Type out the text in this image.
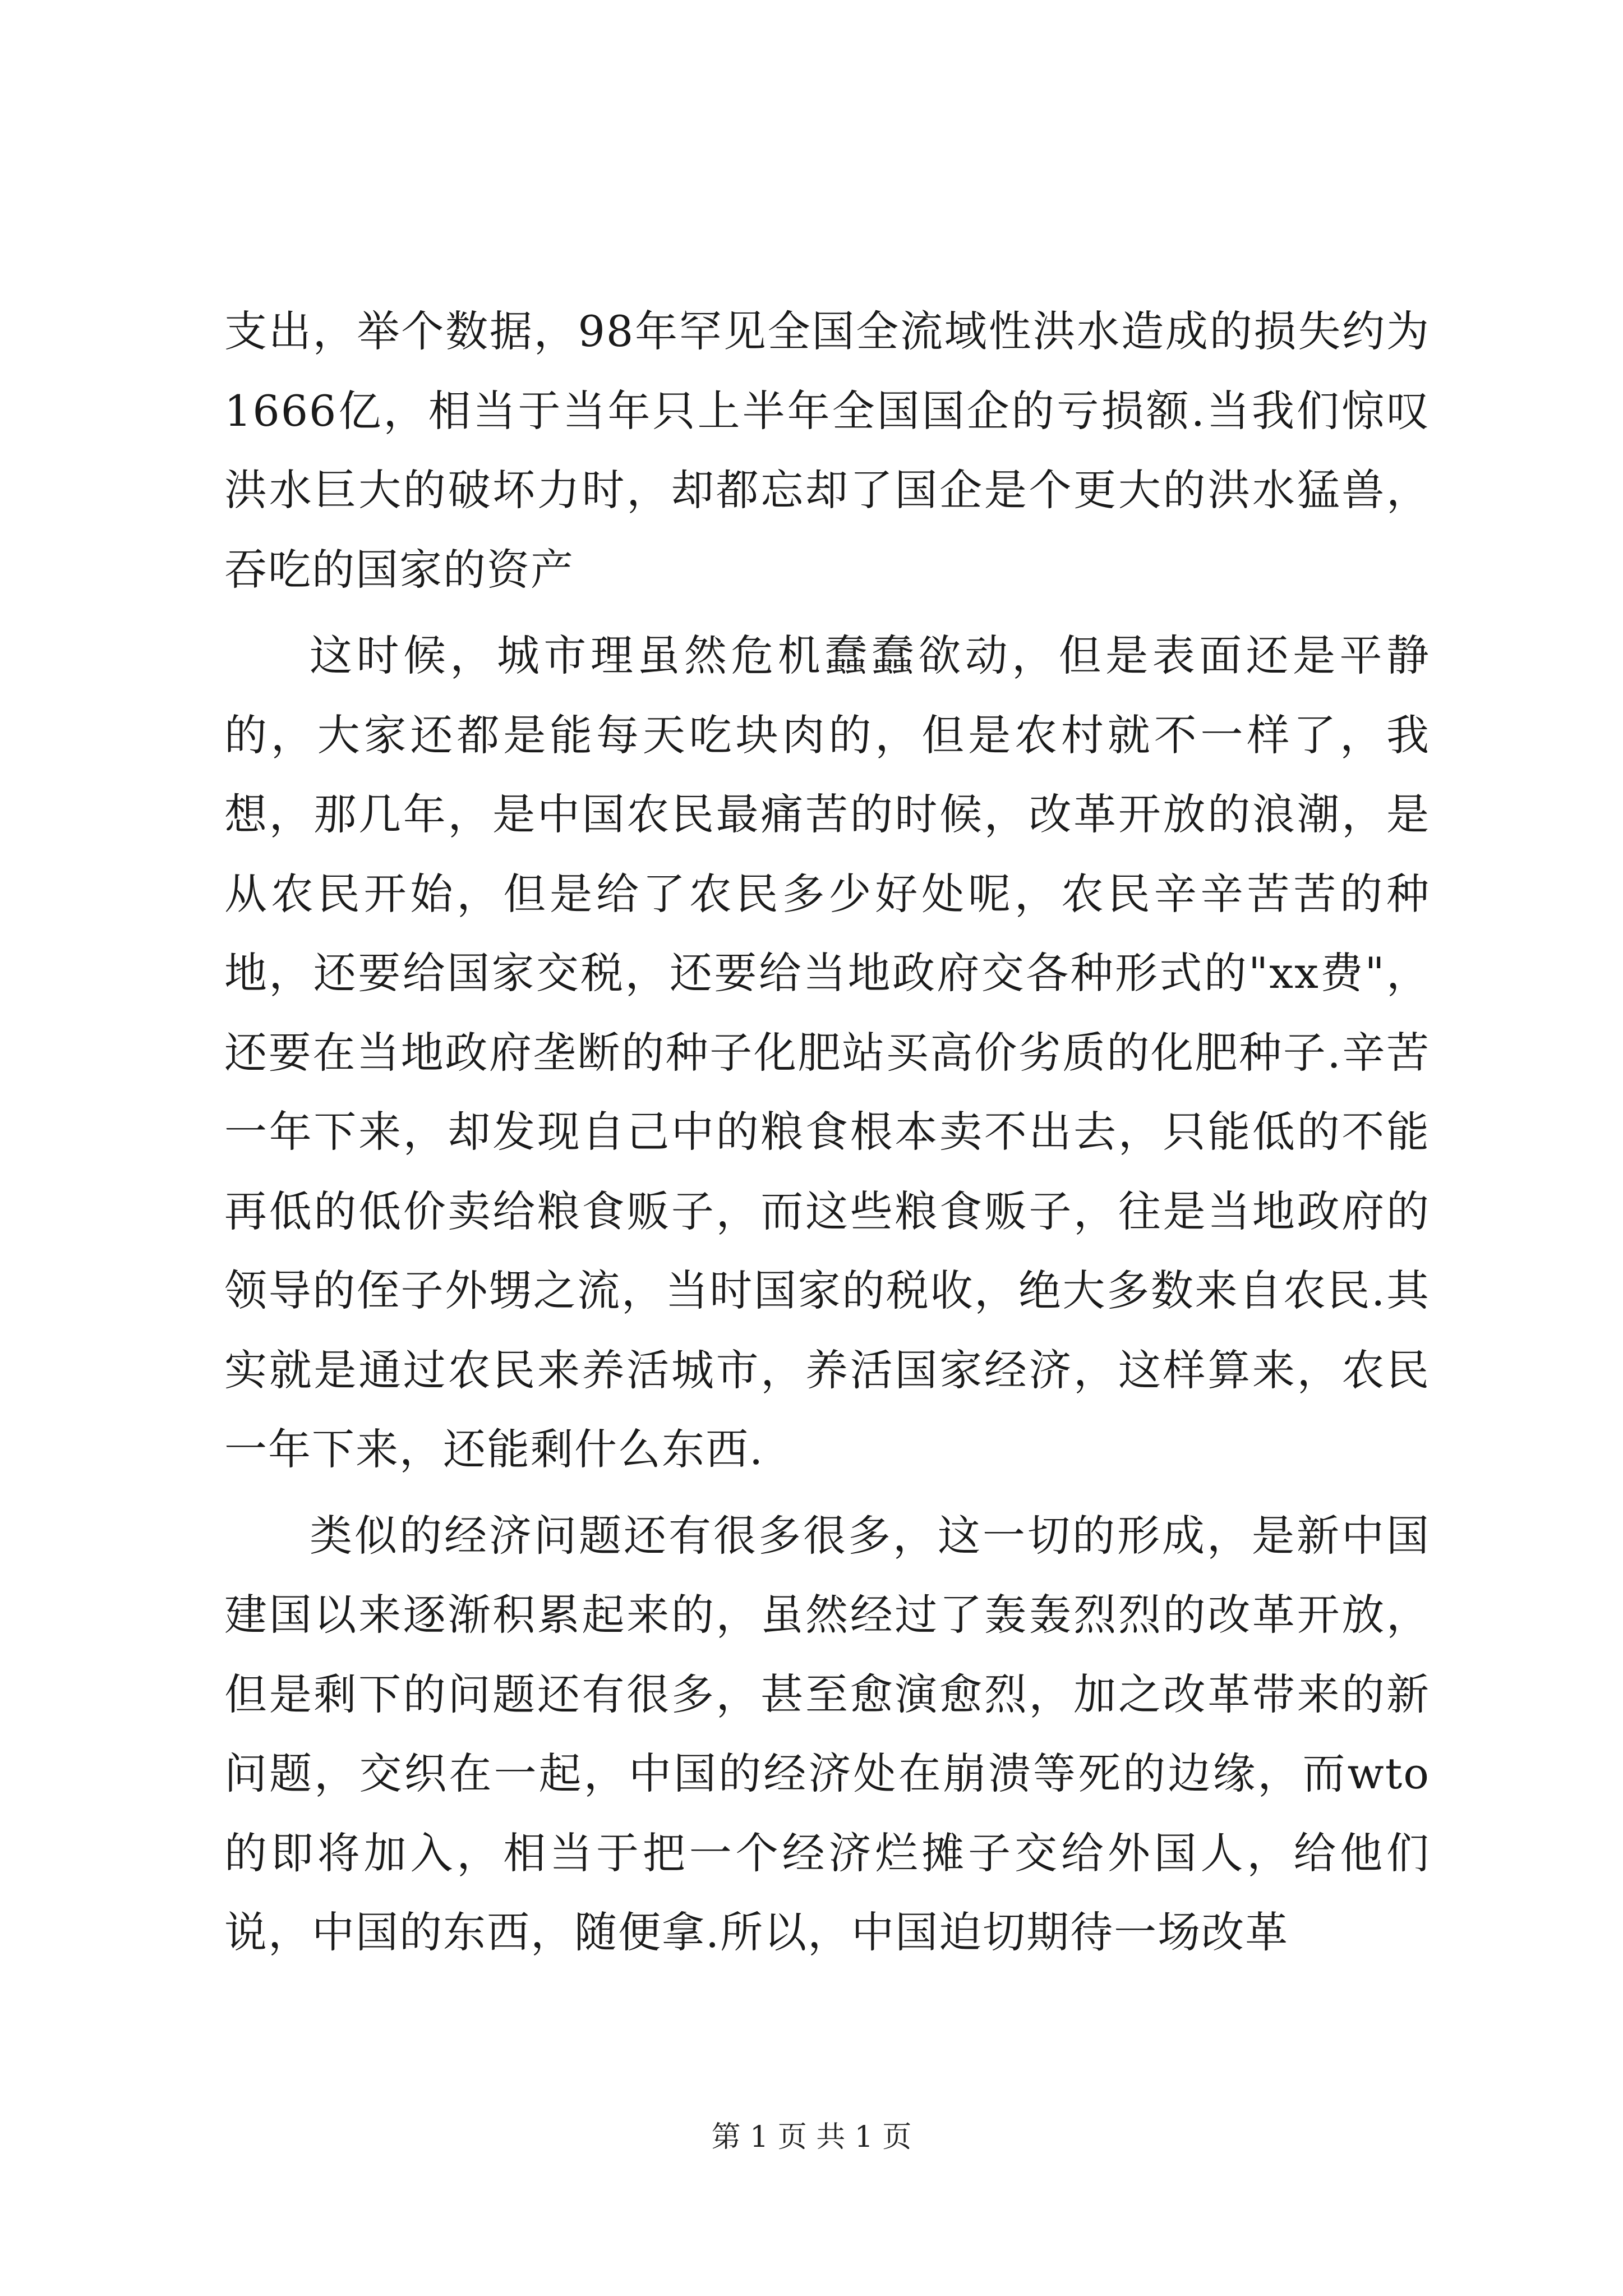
支出，举个数据，98年罕见全国全流域性洪水造成的损失约为1666亿，相当于当年只上半年全国国企的亏损额.当我们惊叹洪水巨大的破坏力时，却都忘却了国企是个更大的洪水猛兽，吞吃的国家的资产

这时候，城市理虽然危机蠢蠢欲动，但是表面还是平静的，大家还都是能每天吃块肉的，但是农村就不一样了，我想，那几年，是中国农民最痛苦的时候，改革开放的浪潮，是从农民开始，但是给了农民多少好处呢，农民辛辛苦苦的种地，还要给国家交税，还要给当地政府交各种形式的"xx费"，还要在当地政府垄断的种子化肥站买高价劣质的化肥种子.辛苦一年下来，却发现自己中的粮食根本卖不出去，只能低的不能再低的低价卖给粮食贩子，而这些粮食贩子，往是当地政府的领导的侄子外甥之流，当时国家的税收，绝大多数来自农民.其实就是通过农民来养活城市，养活国家经济，这样算来，农民一年下来，还能剩什么东西.

类似的经济问题还有很多很多，这一切的形成，是新中国建国以来逐渐积累起来的，虽然经过了轰轰烈烈的改革开放，但是剩下的问题还有很多，甚至愈演愈烈，加之改革带来的新问题，交织在一起，中国的经济处在崩溃等死的边缘，而wto的即将加入，相当于把一个经济烂摊子交给外国人，给他们说，中国的东西，随便拿.所以，中国迫切期待一场改革

第 1 页 共 1 页
